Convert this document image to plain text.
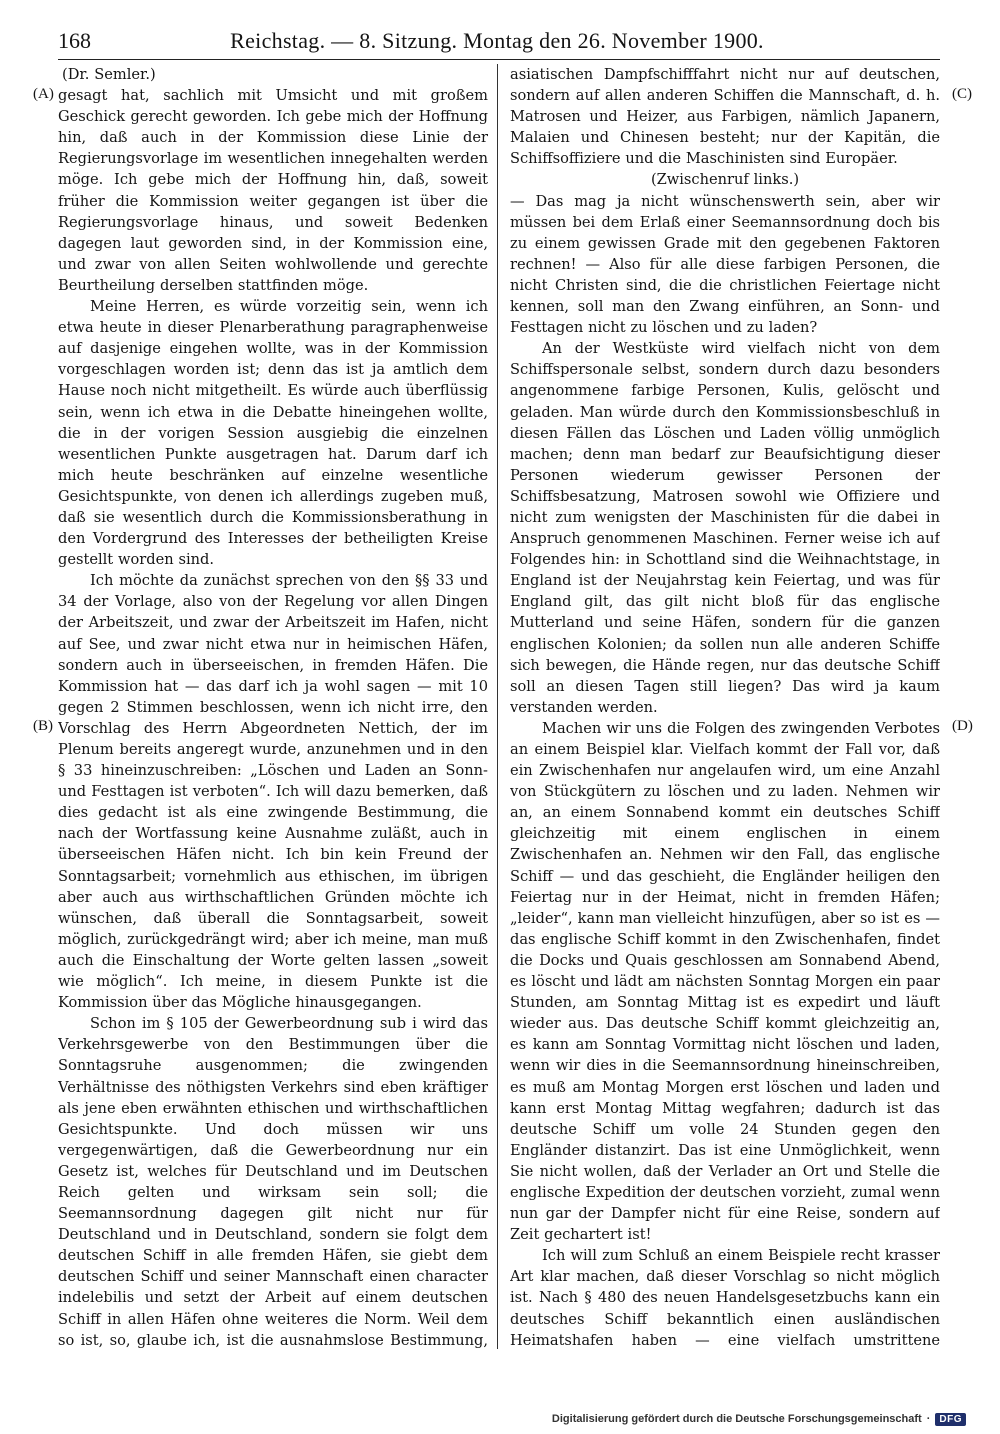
168	Reichstag. — 8. Sitzung. Montag den 26. November 1900.
(A)
(B)
(C)
(D)
(Dr. Semler.)

gesagt hat, sachlich mit Umsicht und mit großem Geschick gerecht geworden. Ich gebe mich der Hoffnung hin, daß auch in der Kommission diese Linie der Regierungsvorlage im wesentlichen innegehalten werden möge. Ich gebe mich der Hoffnung hin, daß, soweit früher die Kommission weiter gegangen ist über die Regierungsvorlage hinaus, und soweit Bedenken dagegen laut geworden sind, in der Kommission eine, und zwar von allen Seiten wohlwollende und gerechte Beurtheilung derselben stattfinden möge.

Meine Herren, es würde vorzeitig sein, wenn ich etwa heute in dieser Plenarberathung paragraphenweise auf dasjenige eingehen wollte, was in der Kommission vorgeschlagen worden ist; denn das ist ja amtlich dem Hause noch nicht mitgetheilt. Es würde auch überflüssig sein, wenn ich etwa in die Debatte hineingehen wollte, die in der vorigen Session ausgiebig die einzelnen wesentlichen Punkte ausgetragen hat. Darum darf ich mich heute beschränken auf einzelne wesentliche Gesichtspunkte, von denen ich allerdings zugeben muß, daß sie wesentlich durch die Kommissionsberathung in den Vordergrund des Interesses der betheiligten Kreise gestellt worden sind.

Ich möchte da zunächst sprechen von den §§ 33 und 34 der Vorlage, also von der Regelung vor allen Dingen der Arbeitszeit, und zwar der Arbeitszeit im Hafen, nicht auf See, und zwar nicht etwa nur in heimischen Häfen, sondern auch in überseeischen, in fremden Häfen. Die Kommission hat — das darf ich ja wohl sagen — mit 10 gegen 2 Stimmen beschlossen, wenn ich nicht irre, den Vorschlag des Herrn Abgeordneten Nettich, der im Plenum bereits angeregt wurde, anzunehmen und in den § 33 hineinzuschreiben: „Löschen und Laden an Sonn- und Festtagen ist verboten“. Ich will dazu bemerken, daß dies gedacht ist als eine zwingende Bestimmung, die nach der Wortfassung keine Ausnahme zuläßt, auch in überseeischen Häfen nicht. Ich bin kein Freund der Sonntagsarbeit; vornehmlich aus ethischen, im übrigen aber auch aus wirthschaftlichen Gründen möchte ich wünschen, daß überall die Sonntagsarbeit, soweit möglich, zurückgedrängt wird; aber ich meine, man muß auch die Einschaltung der Worte gelten lassen „soweit wie möglich“. Ich meine, in diesem Punkte ist die Kommission über das Mögliche hinausgegangen.

Schon im § 105 der Gewerbeordnung sub i wird das Verkehrsgewerbe von den Bestimmungen über die Sonntagsruhe ausgenommen; die zwingenden Verhältnisse des nöthigsten Verkehrs sind eben kräftiger als jene eben erwähnten ethischen und wirthschaftlichen Gesichtspunkte. Und doch müssen wir uns vergegenwärtigen, daß die Gewerbeordnung nur ein Gesetz ist, welches für Deutschland und im Deutschen Reich gelten und wirksam sein soll; die Seemannsordnung dagegen gilt nicht nur für Deutschland und in Deutschland, sondern sie folgt dem deutschen Schiff in alle fremden Häfen, sie giebt dem deutschen Schiff und seiner Mannschaft einen character indelebilis und setzt der Arbeit auf einem deutschen Schiff in allen Häfen ohne weiteres die Norm. Weil dem so ist, so, glaube ich, ist die ausnahmslose Bestimmung,

asiatischen Dampfschifffahrt nicht nur auf deutschen, sondern auf allen anderen Schiffen die Mannschaft, d. h. Matrosen und Heizer, aus Farbigen, nämlich Japanern, Malaien und Chinesen besteht; nur der Kapitän, die Schiffsoffiziere und die Maschinisten sind Europäer.

(Zwischenruf links.)

— Das mag ja nicht wünschenswerth sein, aber wir müssen bei dem Erlaß einer Seemannsordnung doch bis zu einem gewissen Grade mit den gegebenen Faktoren rechnen! — Also für alle diese farbigen Personen, die nicht Christen sind, die die christlichen Feiertage nicht kennen, soll man den Zwang einführen, an Sonn- und Festtagen nicht zu löschen und zu laden?

An der Westküste wird vielfach nicht von dem Schiffspersonale selbst, sondern durch dazu besonders angenommene farbige Personen, Kulis, gelöscht und geladen. Man würde durch den Kommissionsbeschluß in diesen Fällen das Löschen und Laden völlig unmöglich machen; denn man bedarf zur Beaufsichtigung dieser Personen wiederum gewisser Personen der Schiffsbesatzung, Matrosen sowohl wie Offiziere und nicht zum wenigsten der Maschinisten für die dabei in Anspruch genommenen Maschinen. Ferner weise ich auf Folgendes hin: in Schottland sind die Weihnachtstage, in England ist der Neujahrstag kein Feiertag, und was für England gilt, das gilt nicht bloß für das englische Mutterland und seine Häfen, sondern für die ganzen englischen Kolonien; da sollen nun alle anderen Schiffe sich bewegen, die Hände regen, nur das deutsche Schiff soll an diesen Tagen still liegen? Das wird ja kaum verstanden werden.

Machen wir uns die Folgen des zwingenden Verbotes an einem Beispiel klar. Vielfach kommt der Fall vor, daß ein Zwischenhafen nur angelaufen wird, um eine Anzahl von Stückgütern zu löschen und zu laden. Nehmen wir an, an einem Sonnabend kommt ein deutsches Schiff gleichzeitig mit einem englischen in einem Zwischenhafen an. Nehmen wir den Fall, das englische Schiff — und das geschieht, die Engländer heiligen den Feiertag nur in der Heimat, nicht in fremden Häfen; „leider“, kann man vielleicht hinzufügen, aber so ist es — das englische Schiff kommt in den Zwischenhafen, findet die Docks und Quais geschlossen am Sonnabend Abend, es löscht und lädt am nächsten Sonntag Morgen ein paar Stunden, am Sonntag Mittag ist es expedirt und läuft wieder aus. Das deutsche Schiff kommt gleichzeitig an, es kann am Sonntag Vormittag nicht löschen und laden, wenn wir dies in die Seemannsordnung hineinschreiben, es muß am Montag Morgen erst löschen und laden und kann erst Montag Mittag wegfahren; dadurch ist das deutsche Schiff um volle 24 Stunden gegen den Engländer distanzirt. Das ist eine Unmöglichkeit, wenn Sie nicht wollen, daß der Verlader an Ort und Stelle die englische Expedition der deutschen vorzieht, zumal wenn nun gar der Dampfer nicht für eine Reise, sondern auf Zeit gechartert ist!

Ich will zum Schluß an einem Beispiele recht krasser Art klar machen, daß dieser Vorschlag so nicht möglich ist. Nach § 480 des neuen Handelsgesetzbuchs kann ein deutsches Schiff bekanntlich einen ausländischen Heimatshafen haben — eine vielfach umstrittene

Digitalisierung gefördert durch die Deutsche Forschungsgemeinschaft · DFG
